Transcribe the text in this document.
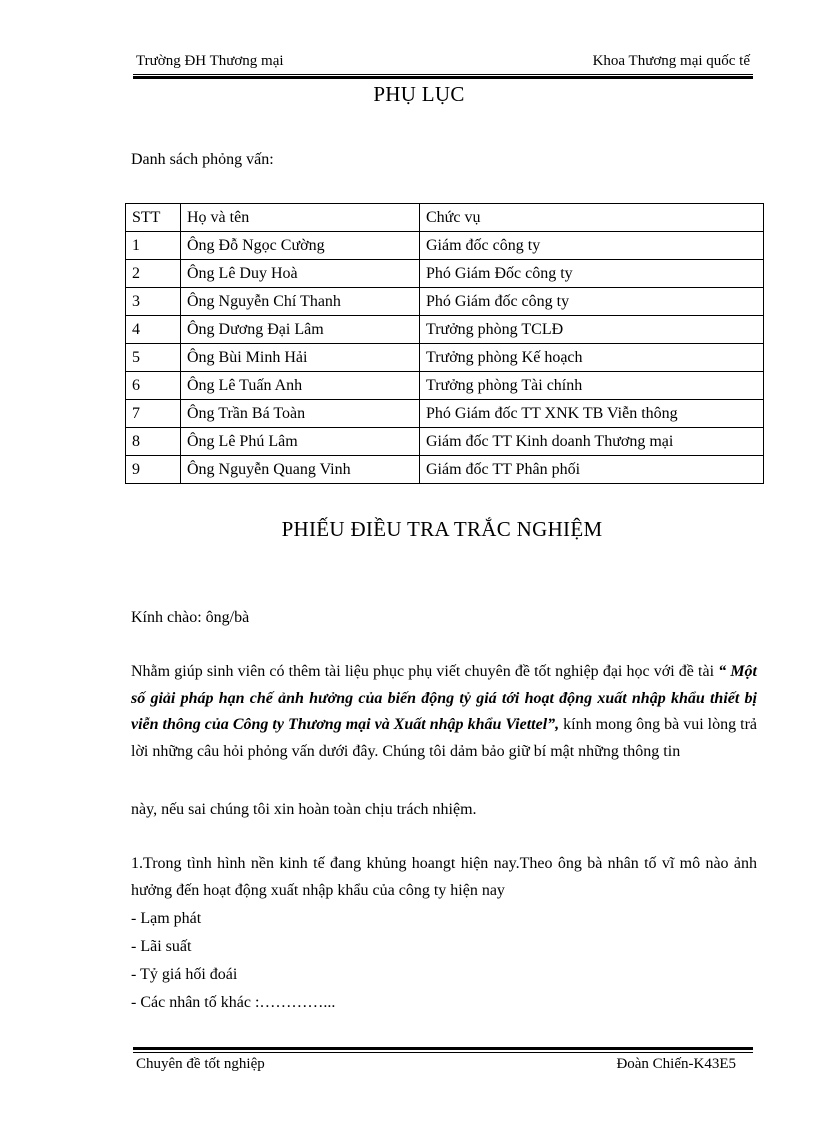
Trường ĐH Thương mại	Khoa Thương mại quốc tế
PHỤ LỤC
Danh sách phỏng vấn:
STT	Họ và tên	Chức vụ
1	Ông Đỗ Ngọc Cường	Giám đốc công ty
2	Ông Lê Duy Hoà	Phó Giám Đốc công ty
3	Ông Nguyễn Chí Thanh	Phó Giám đốc công ty
4	Ông Dương Đại Lâm	Trưởng phòng TCLĐ
5	Ông Bùi Minh Hải	Trưởng phòng Kế hoạch
6	Ông Lê Tuấn Anh	Trưởng phòng Tài chính
7	Ông Trần Bá Toàn	Phó Giám đốc TT XNK TB Viễn thông
8	Ông Lê Phú Lâm	Giám đốc TT Kinh doanh Thương mại
9	Ông Nguyễn Quang Vinh	Giám đốc TT Phân phối
PHIẾU ĐIỀU TRA TRẮC NGHIỆM
Kính chào: ông/bà
Nhằm giúp sinh viên có thêm tài liệu phục phụ viết chuyên đề tốt nghiệp đại học với đề tài “ Một số giải pháp hạn chế ảnh hưởng của biến động tỷ giá tới hoạt động xuất nhập khẩu thiết bị viễn thông của Công ty Thương mại và Xuất nhập khẩu Viettel”, kính mong ông bà vui lòng trả lời những câu hỏi phỏng vấn dưới đây. Chúng tôi dảm bảo giữ bí mật những thông tin
này, nếu sai chúng tôi xin hoàn toàn chịu trách nhiệm.
1.Trong tình hình nền kinh tế đang khủng hoangt hiện nay.Theo ông bà nhân tố vĩ mô nào ảnh hưởng đến hoạt động xuất nhập khẩu của công ty hiện nay
- Lạm phát
- Lãi suất
- Tỷ giá hối đoái
- Các nhân tố khác :…………...
Chuyên đề tốt nghiệp	Đoàn Chiến-K43E5
